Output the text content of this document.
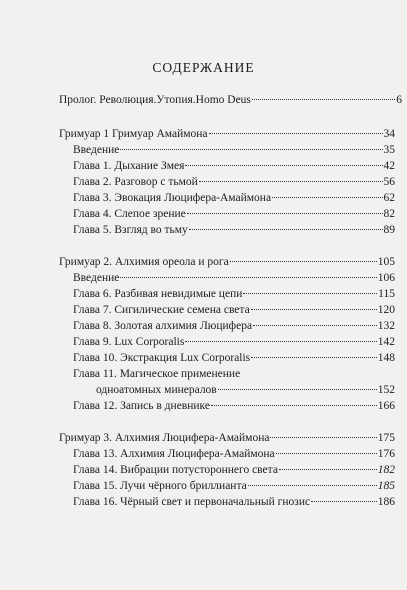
СОДЕРЖАНИЕ
Пролог. Революция.Утопия.Homo Deus	6
Гримуар 1 Гримуар Амаймона	34
Введение	35
Глава 1. Дыхание Змея	42
Глава 2. Разговор с тьмой	56
Глава 3. Эвокация Люцифера-Амаймона	62
Глава 4. Слепое зрение	82
Глава 5. Взгляд во тьму	89
Гримуар 2. Алхимия ореола и рога	105
Введение	106
Глава 6. Разбивая невидимые цепи	115
Глава 7. Сигилические семена света	120
Глава 8. Золотая алхимия Люцифера	132
Глава 9. Lux Corporalis	142
Глава 10. Экстракция Lux Corporalis	148
Глава 11. Магическое применение
одноатомных минералов	152
Глава 12. Запись в дневнике	166
Гримуар 3. Алхимия Люцифера-Амаймона	175
Глава 13. Алхимия Люцифера-Амаймона	176
Глава 14. Вибрации потустороннего света	182
Глава 15. Лучи чёрного бриллианта	185
Глава 16. Чёрный свет и первоначальный гнозис	186
